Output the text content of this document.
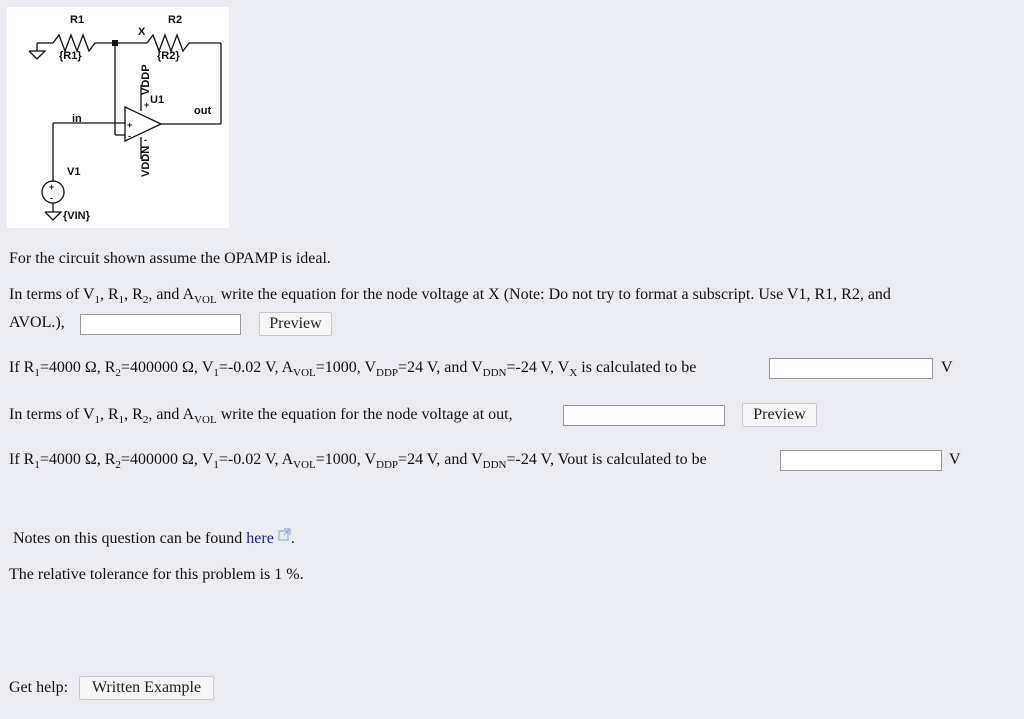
R1
{R1}
R2
{R2}
X
U1
out
in
V1
{VIN}
VDDP
VDDN
+
-
+
-
+
-
For the circuit shown assume the OPAMP is ideal.
In terms of $V_1$, $R_1$, $R_2$, and $A_{VOL}$ write the equation for the node voltage at X (Note: Do not try to format a subscript. Use V1, R1, R2, and
AVOL.),	Preview
If $R_1=4000$ Ω, $R_2=400000$ Ω, $V_1=-0.02$ V, $A_{VOL}=1000$, $V_{DDP}=24$ V, and $V_{DDN}=-24$ V, $V_X$ is calculated to be	V
In terms of $V_1$, $R_1$, $R_2$, and $A_{VOL}$ write the equation for the node voltage at out,	Preview
If $R_1=4000$ Ω, $R_2=400000$ Ω, $V_1=-0.02$ V, $A_{VOL}=1000$, $V_{DDP}=24$ V, and $V_{DDN}=-24$ V, Vout is calculated to be	V
Notes on this question can be found here .
The relative tolerance for this problem is 1 %.
Get help:	Written Example
